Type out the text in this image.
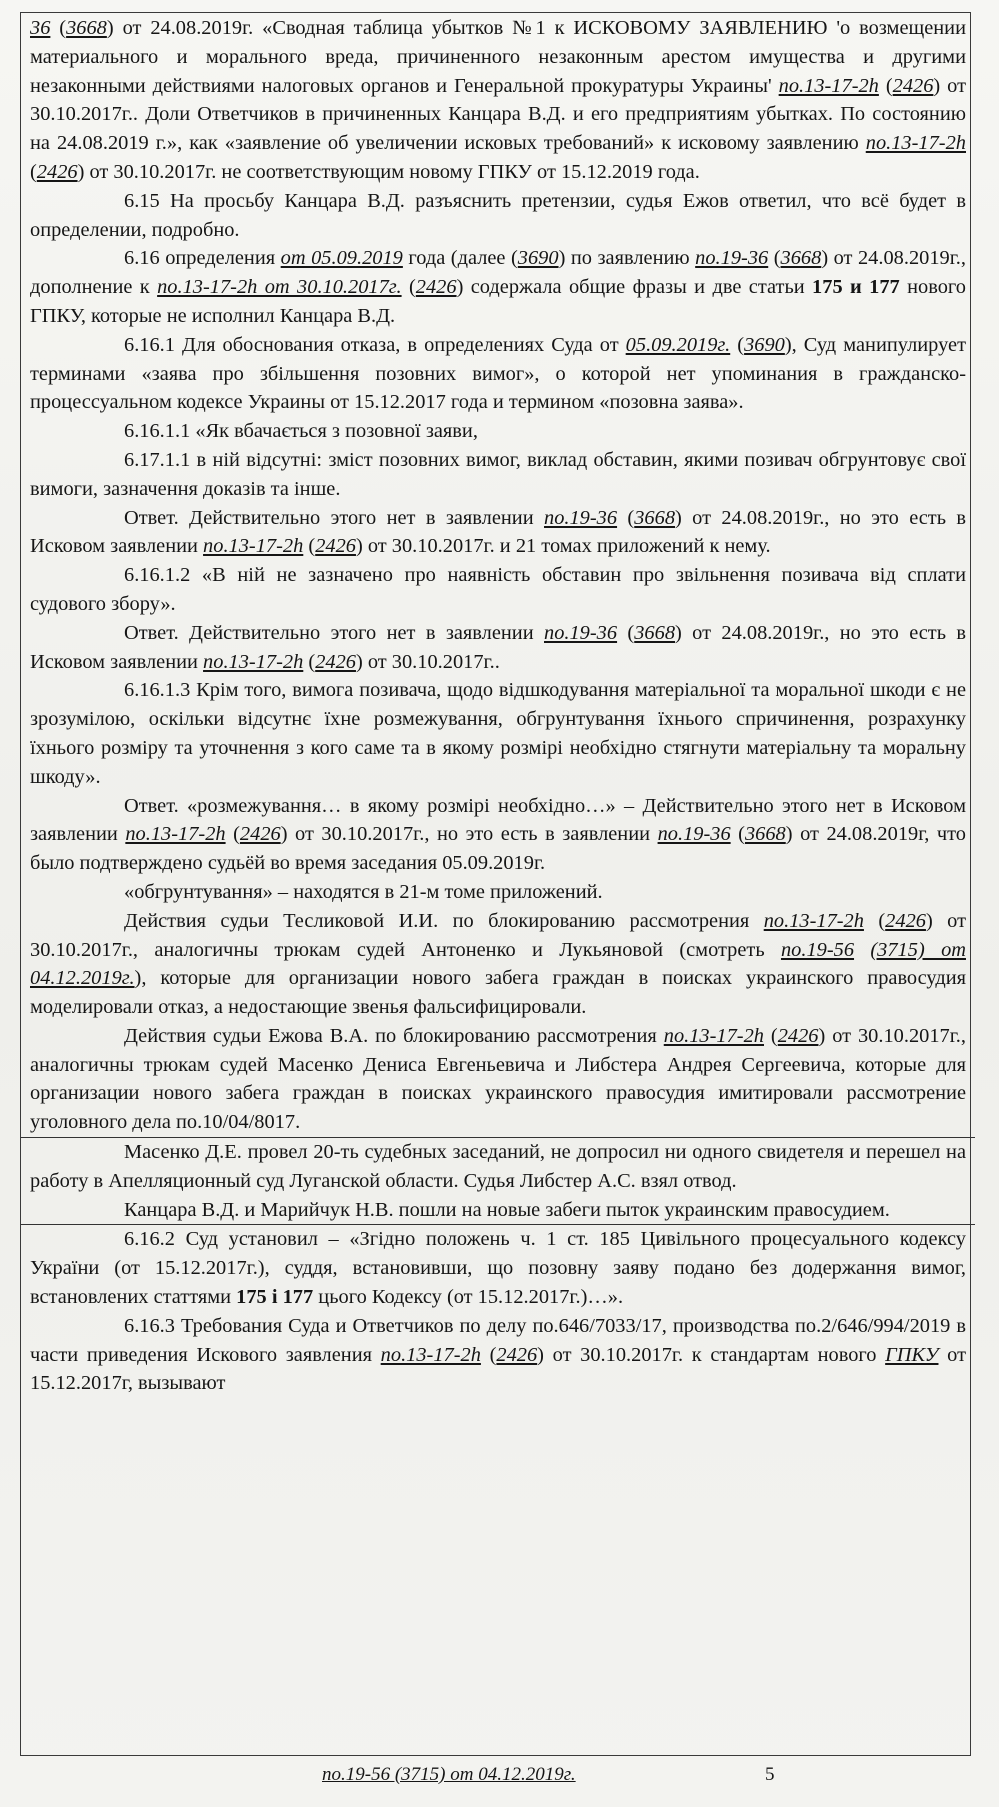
36 (3668) от 24.08.2019г. «Сводная таблица убытков №1 к ИСКОВОМУ ЗАЯВЛЕНИЮ 'о возмещении материального и морального вреда, причиненного незаконным арестом имущества и другими незаконными действиями налоговых органов и Генеральной прокуратуры Украины' по.13-17-2h (2426) от 30.10.2017г.. Доли Ответчиков в причиненных Канцара В.Д. и его предприятиям убытках. По состоянию на 24.08.2019 г.», как «заявление об увеличении исковых требований» к исковому заявлению по.13-17-2h (2426) от 30.10.2017г. не соответствующим новому ГПКУ от 15.12.2019 года.

6.15 На просьбу Канцара В.Д. разъяснить претензии, судья Ежов ответил, что всё будет в определении, подробно.

6.16 определения от 05.09.2019 года (далее (3690) по заявлению по.19-36 (3668) от 24.08.2019г., дополнение к по.13-17-2h от 30.10.2017г. (2426) содержала общие фразы и две статьи 175 и 177 нового ГПКУ, которые не исполнил Канцара В.Д.

6.16.1 Для обоснования отказа, в определениях Суда от 05.09.2019г. (3690), Суд манипулирует терминами «заява про збільшення позовних вимог», о которой нет упоминания в гражданско-процессуальном кодексе Украины от 15.12.2017 года и термином «позовна заява».

6.16.1.1 «Як вбачається з позовної заяви,

6.17.1.1 в ній відсутні: зміст позовних вимог, виклад обставин, якими позивач обгрунтовує свої вимоги, зазначення доказів та інше.

Ответ. Действительно этого нет в заявлении по.19-36 (3668) от 24.08.2019г., но это есть в Исковом заявлении по.13-17-2h (2426) от 30.10.2017г. и 21 томах приложений к нему.

6.16.1.2 «В ній не зазначено про наявність обставин про звільнення позивача від сплати судового збору».

Ответ. Действительно этого нет в заявлении по.19-36 (3668) от 24.08.2019г., но это есть в Исковом заявлении по.13-17-2h (2426) от 30.10.2017г..

6.16.1.3 Крім того, вимога позивача, щодо відшкодування матеріальної та моральної шкоди є не зрозумілою, оскільки відсутнє їхне розмежування, обгрунтування їхнього спричинення, розрахунку їхнього розміру та уточнення з кого саме та в якому розмірі необхідно стягнути матеріальну та моральну шкоду».

Ответ. «розмежування… в якому розмірі необхідно…» – Действительно этого нет в Исковом заявлении по.13-17-2h (2426) от 30.10.2017г., но это есть в заявлении по.19-36 (3668) от 24.08.2019г, что было подтверждено судьёй во время заседания 05.09.2019г.

«обгрунтування» – находятся в 21-м томе приложений.

Действия судьи Тесликовой И.И. по блокированию рассмотрения по.13-17-2h (2426) от 30.10.2017г., аналогичны трюкам судей Антоненко и Лукьяновой (смотреть по.19-56 (3715) от 04.12.2019г.), которые для организации нового забега граждан в поисках украинского правосудия моделировали отказ, а недостающие звенья фальсифицировали.

Действия судьи Ежова В.А. по блокированию рассмотрения по.13-17-2h (2426) от 30.10.2017г., аналогичны трюкам судей Масенко Дениса Евгеньевича и Либстера Андрея Сергеевича, которые для организации нового забега граждан в поисках украинского правосудия имитировали рассмотрение уголовного дела по.10/04/8017.

Масенко Д.Е. провел 20-ть судебных заседаний, не допросил ни одного свидетеля и перешел на работу в Апелляционный суд Луганской области. Судья Либстер А.С. взял отвод.

Канцара В.Д. и Марийчук Н.В. пошли на новые забеги пыток украинским правосудием.

6.16.2 Суд установил – «Згідно положень ч. 1 ст. 185 Цивільного процесуального кодексу України (от 15.12.2017г.), суддя, встановивши, що позовну заяву подано без додержання вимог, встановлених статтями 175 і 177 цього Кодексу (от 15.12.2017г.)…».

6.16.3 Требования Суда и Ответчиков по делу по.646/7033/17, производства по.2/646/994/2019 в части приведения Искового заявления по.13-17-2h (2426) от 30.10.2017г. к стандартам нового ГПКУ от 15.12.2017г, вызывают

по.19-56 (3715) от 04.12.2019г.	5
